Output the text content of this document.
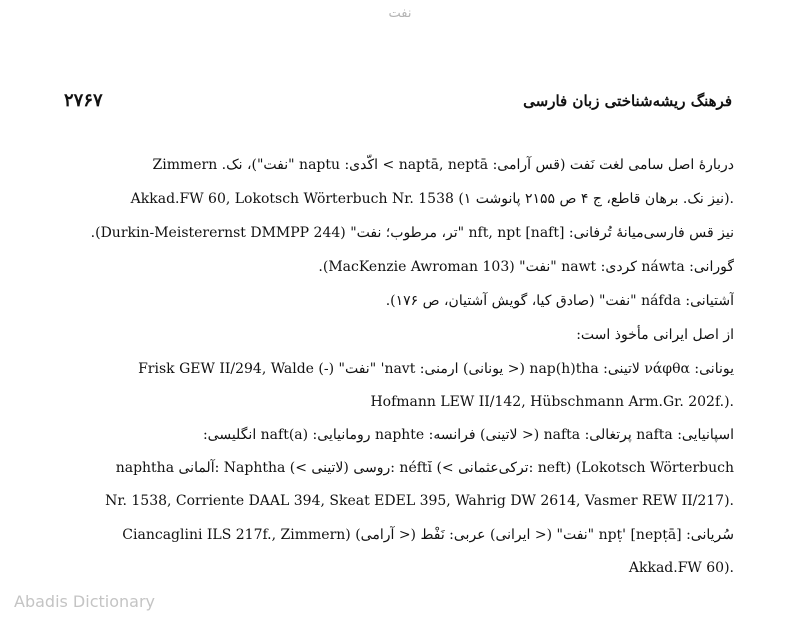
نفت
۲۷۶۷	فرهنگ ریشه‌شناختی زبان فارسی
دربارهٔ اصل سامی لغت نَفت (قس آرامی: naptā, neptā > اکّدی: naptu "نفت")، نک. Zimmern
Akkad.FW 60, Lokotsch Wörterbuch Nr. 1538 (نیز نک. برهان قاطع، ج ۴ ص ۲۱۵۵ پانوشت ۱).
نیز قس فارسی‌میانهٔ تُرفانی: [naft] nft, npt "تر، مرطوب؛ نفت" (Durkin-Meisterernst DMMPP 244).
گورانی: náwta کردی: nawt "نفت" (MacKenzie Awroman 103).
آشتیانی: náfda "نفت" (صادق کیا، گویش آشتیان، ص ۱۷۶).
از اصل ایرانی مأخوذ است:
یونانی: νάφθα لاتینی: nap(h)tha (< یونانی) ارمنی: navt' "نفت" (-) Frisk GEW II/294, Walde
Hofmann LEW II/142, Hübschmann Arm.Gr. 202f.).
اسپانیایی: nafta پرتغالی: nafta (< لاتینی) فرانسه: naphte رومانیایی: naft(a) انگلیسی:
naphtha آلمانی: Naphtha (< لاتینی) روسی: néftĭ (< ترکی‌عثمانی: neft) (Lokotsch Wörterbuch
Nr. 1538, Corriente DAAL 394, Skeat EDEL 395, Wahrig DW 2614, Vasmer REW II/217).
سُریانی: npṭ' [nepṭā] "نفت" (< ایرانی) عربی: نَفْط (< آرامی) (Ciancaglini ILS 217f., Zimmern
Akkad.FW 60).
Abadis Dictionary
